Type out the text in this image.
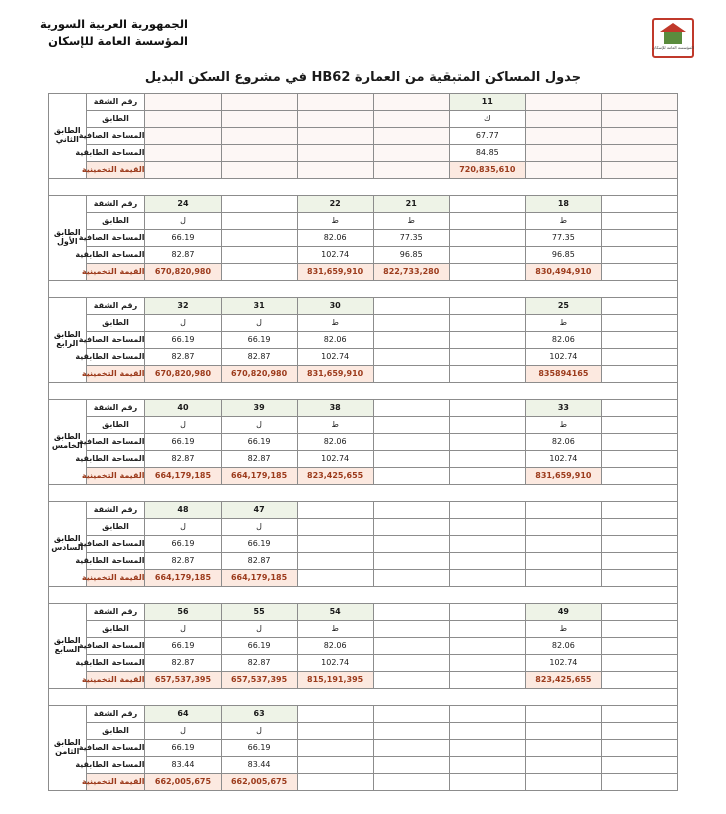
الجمهورية العربية السورية
المؤسسة العامة للإسكان	المؤسسة العامة للإسكان
جدول المساكن المتبقية من العمارة HB62 في مشروع السكن البديل
		11					رقم الشقة	الطابق الثاني
		ك					الطابق	
		67.77					المساحة الصافية	
		84.85					المساحة الطابقية	
		720,835,610					القيمة التخمينية	

	18		21	22		24	رقم الشقة	الطابق الأول
	ط		ط	ط		ل	الطابق	
	77.35		77.35	82.06		66.19	المساحة الصافية	
	96.85		96.85	102.74		82.87	المساحة الطابقية	
	830,494,910		822,733,280	831,659,910		670,820,980	القيمة التخمينية	

	25			30	31	32	رقم الشقة	الطابق الرابع
	ط			ط	ل	ل	الطابق	
	82.06			82.06	66.19	66.19	المساحة الصافية	
	102.74			102.74	82.87	82.87	المساحة الطابقية	
	835894165			831,659,910	670,820,980	670,820,980	القيمة التخمينية	

	33			38	39	40	رقم الشقة	الطابق الخامس
	ط			ط	ل	ل	الطابق	
	82.06			82.06	66.19	66.19	المساحة الصافية	
	102.74			102.74	82.87	82.87	المساحة الطابقية	
	831,659,910			823,425,655	664,179,185	664,179,185	القيمة التخمينية	

					47	48	رقم الشقة	الطابق السادس
					ل	ل	الطابق	
					66.19	66.19	المساحة الصافية	
					82.87	82.87	المساحة الطابقية	
					664,179,185	664,179,185	القيمة التخمينية	

	49			54	55	56	رقم الشقة	الطابق السابع
	ط			ط	ل	ل	الطابق	
	82.06			82.06	66.19	66.19	المساحة الصافية	
	102.74			102.74	82.87	82.87	المساحة الطابقية	
	823,425,655			815,191,395	657,537,395	657,537,395	القيمة التخمينية	

					63	64	رقم الشقة	الطابق الثامن
					ل	ل	الطابق	
					66.19	66.19	المساحة الصافية	
					83.44	83.44	المساحة الطابقية	
					662,005,675	662,005,675	القيمة التخمينية	
